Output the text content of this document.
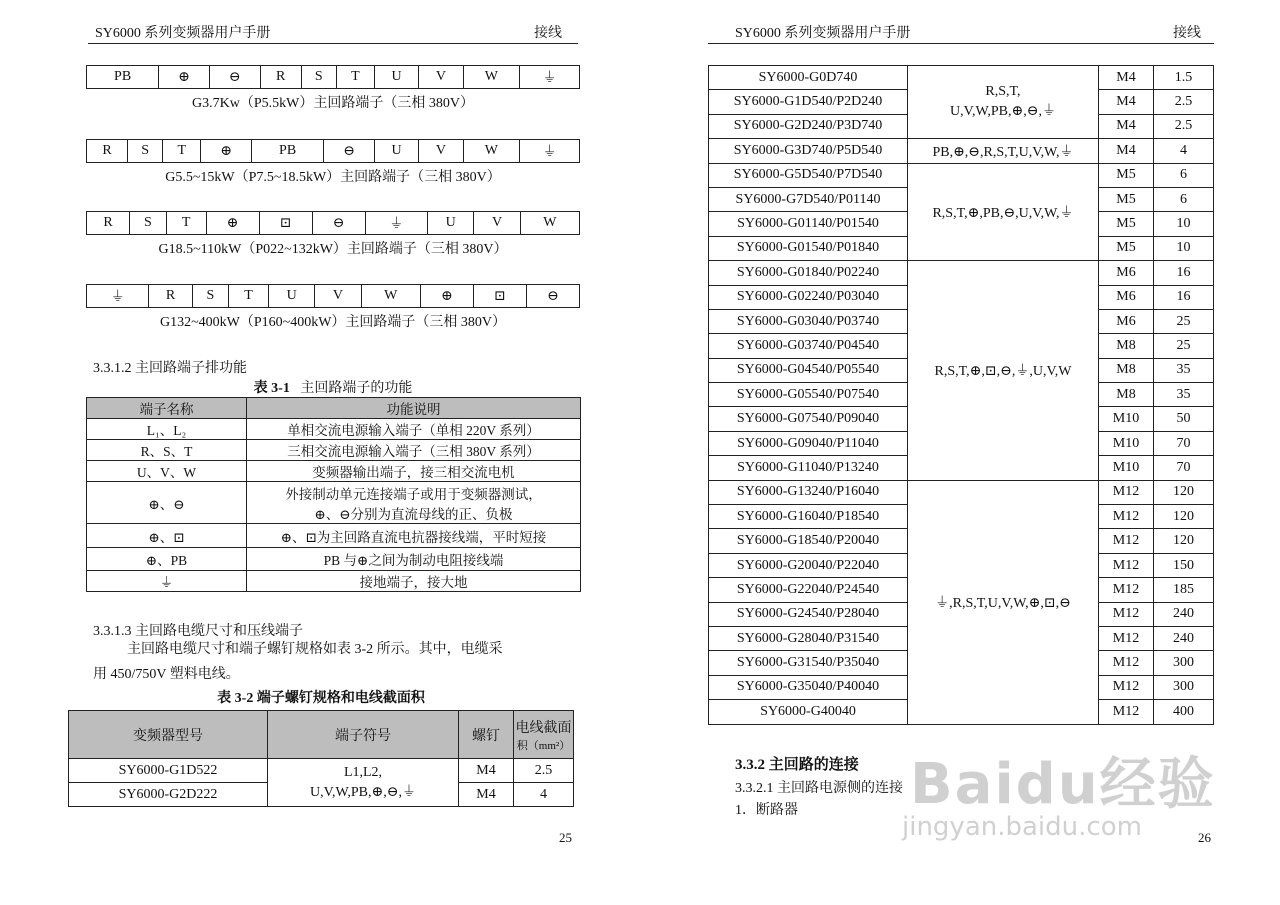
SY6000 系列变频器用户手册	接线
PB	⊕	⊖	R	S	T	U	V	W	⏚
G3.7Kw（P5.5kW）主回路端子（三相 380V）
R	S	T	⊕	PB	⊖	U	V	W	⏚
G5.5~15kW（P7.5~18.5kW）主回路端子（三相 380V）
R	S	T	⊕	⊡	⊖	⏚	U	V	W
G18.5~110kW（P022~132kW）主回路端子（三相 380V）
⏚	R	S	T	U	V	W	⊕	⊡	⊖
G132~400kW（P160~400kW）主回路端子（三相 380V）
3.3.1.2 主回路端子排功能
表 3-1 主回路端子的功能
端子名称	功能说明
L₁、L₂	单相交流电源输入端子（单相 220V 系列）
R、S、T	三相交流电源输入端子（三相 380V 系列）
U、V、W	变频器输出端子，接三相交流电机
⊕、⊖	外接制动单元连接端子或用于变频器测试，
⊕、⊖分别为直流母线的正、负极

⊕、⊡	⊕、⊡为主回路直流电抗器接线端，平时短接
⊕、PB	PB 与⊕之间为制动电阻接线端
⏚	接地端子，接大地
3.3.1.3 主回路电缆尺寸和压线端子
主回路电缆尺寸和端子螺钉规格如表 3-2 所示。其中，电缆采
用 450/750V 塑料电线。
表 3-2 端子螺钉规格和电线截面积
变频器型号	端子符号	螺钉	电线截面
积（mm²）

SY6000-G1D522	L1,L2,
U,V,W,PB,⊕,⊖,⏚	M4	2.5
SY6000-G2D222		M4	4
25
SY6000 系列变频器用户手册	接线
SY6000-G0D740	R,S,T,
U,V,W,PB,⊕,⊖,⏚	M4	1.5
SY6000-G1D540/P2D240		M4	2.5
SY6000-G2D240/P3D740		M4	2.5
SY6000-G3D740/P5D540	PB,⊕,⊖,R,S,T,U,V,W,⏚	M4	4
SY6000-G5D540/P7D540	R,S,T,⊕,PB,⊖,U,V,W,⏚	M5	6
SY6000-G7D540/P01140		M5	6
SY6000-G01140/P01540		M5	10
SY6000-G01540/P01840		M5	10
SY6000-G01840/P02240	R,S,T,⊕,⊡,⊖,⏚,U,V,W	M6	16
SY6000-G02240/P03040		M6	16
SY6000-G03040/P03740		M6	25
SY6000-G03740/P04540		M8	25
SY6000-G04540/P05540		M8	35
SY6000-G05540/P07540		M8	35
SY6000-G07540/P09040		M10	50
SY6000-G09040/P11040		M10	70
SY6000-G11040/P13240		M10	70
SY6000-G13240/P16040	⏚,R,S,T,U,V,W,⊕,⊡,⊖	M12	120
SY6000-G16040/P18540		M12	120
SY6000-G18540/P20040		M12	120
SY6000-G20040/P22040		M12	150
SY6000-G22040/P24540		M12	185
SY6000-G24540/P28040		M12	240
SY6000-G28040/P31540		M12	240
SY6000-G31540/P35040		M12	300
SY6000-G35040/P40040		M12	300
SY6000-G40040		M12	400
3.3.2 主回路的连接
3.3.2.1 主回路电源侧的连接
1．断路器 Baidu经验
jingyan.baidu.com	26
